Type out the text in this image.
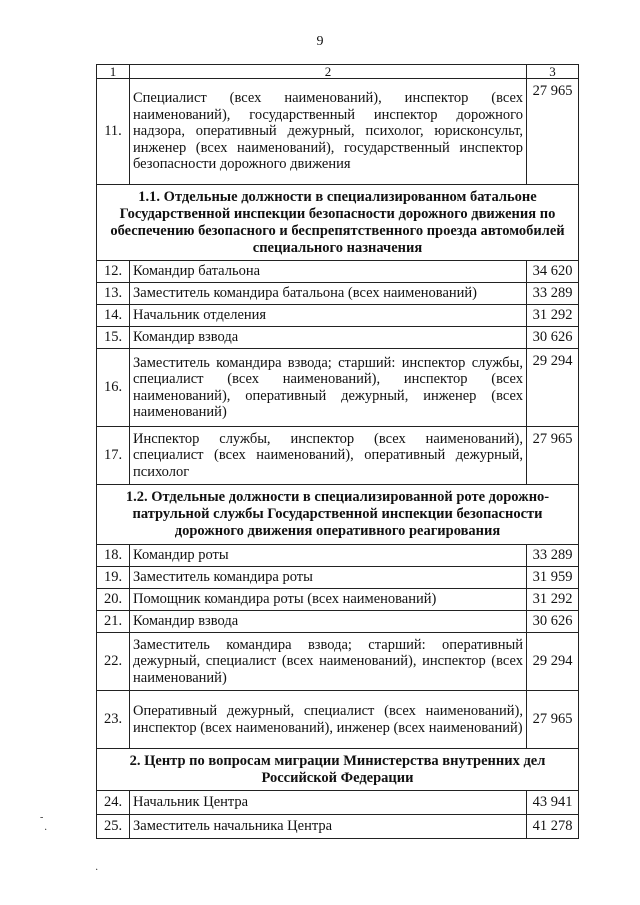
9
‐
․
․
1	2	3
11.	Специалист (всех наименований), инспектор (всех наименований), государственный инспектор дорожного надзора, оперативный дежурный, психолог, юрисконсульт, инженер (всех наименований), государственный инспектор безопасности дорожного движения	27 965
1.1. Отдельные должности в специализированном батальоне Государственной инспекции безопасности дорожного движения по обеспечению безопасного и беспрепятственного проезда автомобилей специального назначения		
12.	Командир батальона	34 620
13.	Заместитель командира батальона (всех наименований)	33 289
14.	Начальник отделения	31 292
15.	Командир взвода	30 626
16.	Заместитель командира взвода; старший: инспектор службы, специалист (всех наименований), инспектор (всех наименований), оперативный дежурный, инженер (всех наименований)	29 294
17.	Инспектор службы, инспектор (всех наименований), специалист (всех наименований), оперативный дежурный, психолог	27 965
1.2. Отдельные должности в специализированной роте дорожно-патрульной службы Государственной инспекции безопасности дорожного движения оперативного реагирования		
18.	Командир роты	33 289
19.	Заместитель командира роты	31 959
20.	Помощник командира роты (всех наименований)	31 292
21.	Командир взвода	30 626
22.	Заместитель командира взвода; старший: оперативный дежурный, специалист (всех наименований), инспектор (всех наименований)	29 294
23.	Оперативный дежурный, специалист (всех наименований), инспектор (всех наименований), инженер (всех наименований)	27 965
2. Центр по вопросам миграции Министерства внутренних дел Российской Федерации		
24.	Начальник Центра	43 941
25.	Заместитель начальника Центра	41 278
